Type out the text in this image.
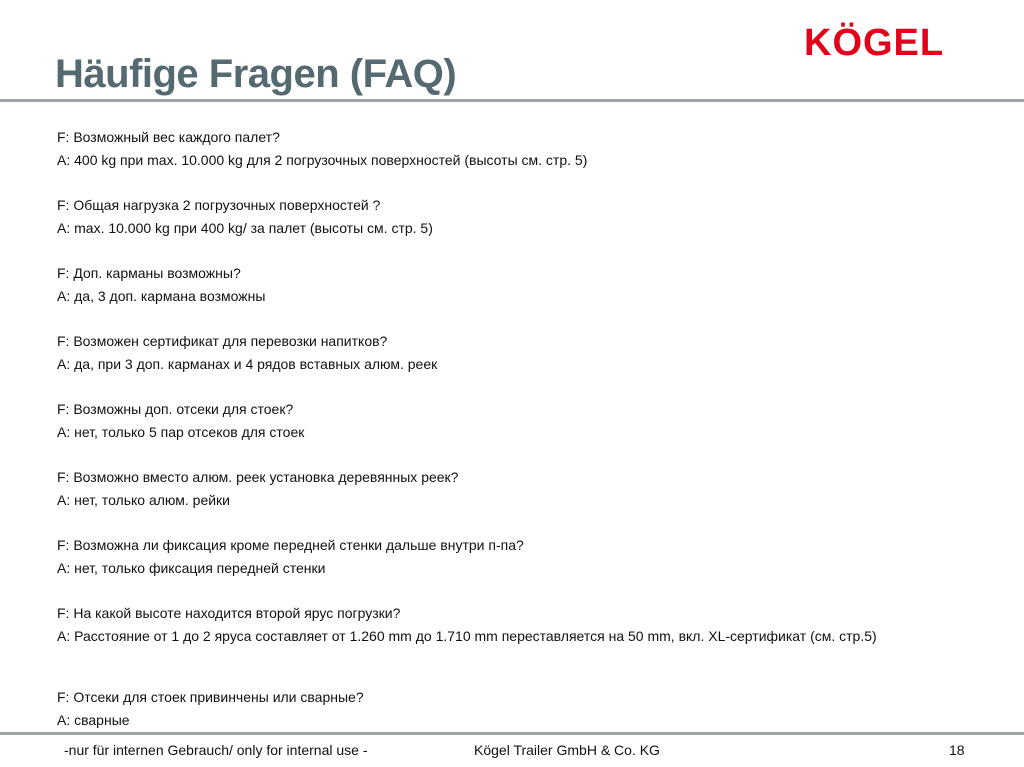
KÖGEL
Häufige Fragen (FAQ)
F: Возможный вес каждого палет?
A: 400 kg при max. 10.000 kg для 2 погрузочных поверхностей (высоты см. стр. 5)
F: Общая нагрузка 2 погрузочных поверхностей ?
A: max. 10.000 kg при 400 kg/ за палет (высоты см. стр. 5)
F: Доп. карманы возможны?
A: да, 3 доп. кармана возможны
F: Возможен сертификат для перевозки напитков?
A: да, при 3 доп. карманах и 4 рядов вставных алюм. реек
F: Возможны доп. отсеки для стоек?
A: нет, только 5 пар отсеков для стоек
F: Возможно вместо алюм. реек установка деревянных реек?
A: нет, только алюм. рейки
F: Возможна ли фиксация кроме передней стенки дальше внутри п-па?
A: нет, только фиксация передней стенки
F: На какой высоте находится второй ярус погрузки?
A: Расстояние от 1 до 2 яруса составляет от 1.260 mm до 1.710 mm переставляется на 50 mm, вкл. XL-сертификат (см. стр.5)
F: Отсеки для стоек привинчены или сварные?
A: сварные
-nur für internen Gebrauch/ only for internal use -	Kögel Trailer GmbH & Co. KG	18
